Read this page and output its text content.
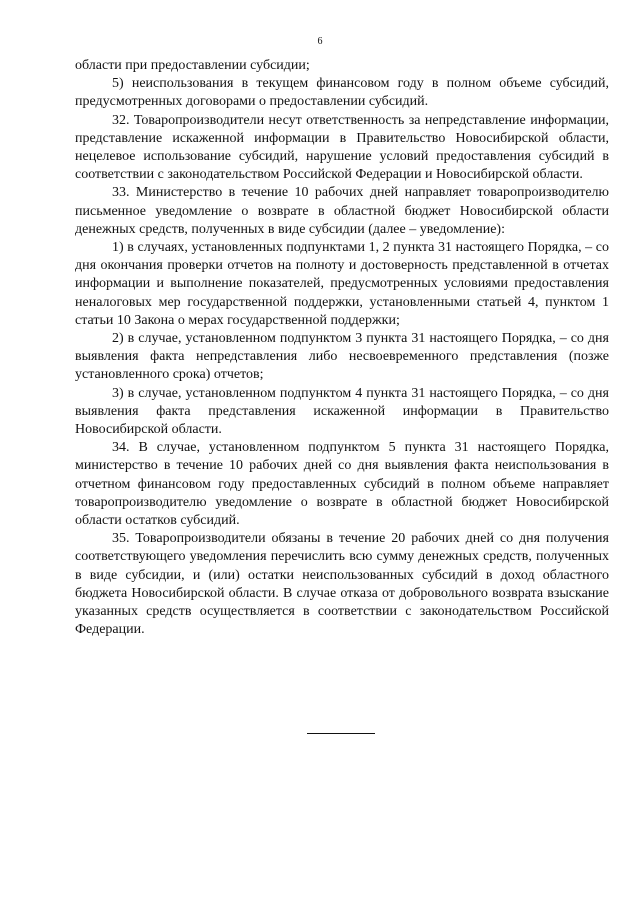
6

области при предоставлении субсидии;

5) неиспользования в текущем финансовом году в полном объеме субсидий, предусмотренных договорами о предоставлении субсидий.

32. Товаропроизводители несут ответственность за непредставление информации, представление искаженной информации в Правительство Новосибирской области, нецелевое использование субсидий, нарушение условий предоставления субсидий в соответствии с законодательством Российской Федерации и Новосибирской области.

33. Министерство в течение 10 рабочих дней направляет товаропроизводителю письменное уведомление о возврате в областной бюджет Новосибирской области денежных средств, полученных в виде субсидии (далее – уведомление):

1) в случаях, установленных подпунктами 1, 2 пункта 31 настоящего Порядка, – со дня окончания проверки отчетов на полноту и достоверность представленной в отчетах информации и выполнение показателей, предусмотренных условиями предоставления неналоговых мер государственной поддержки, установленными статьей 4, пунктом 1 статьи 10 Закона о мерах государственной поддержки;

2) в случае, установленном подпунктом 3 пункта 31 настоящего Порядка, – со дня выявления факта непредставления либо несвоевременного представления (позже установленного срока) отчетов;

3) в случае, установленном подпунктом 4 пункта 31 настоящего Порядка, – со дня выявления факта представления искаженной информации в Правительство Новосибирской области.

34. В случае, установленном подпунктом 5 пункта 31 настоящего Порядка, министерство в течение 10 рабочих дней со дня выявления факта неиспользования в отчетном финансовом году предоставленных субсидий в полном объеме направляет товаропроизводителю уведомление о возврате в областной бюджет Новосибирской области остатков субсидий.

35. Товаропроизводители обязаны в течение 20 рабочих дней со дня получения соответствующего уведомления перечислить всю сумму денежных средств, полученных в виде субсидии, и (или) остатки неиспользованных субсидий в доход областного бюджета Новосибирской области. В случае отказа от добровольного возврата взыскание указанных средств осуществляется в соответствии с законодательством Российской Федерации.
